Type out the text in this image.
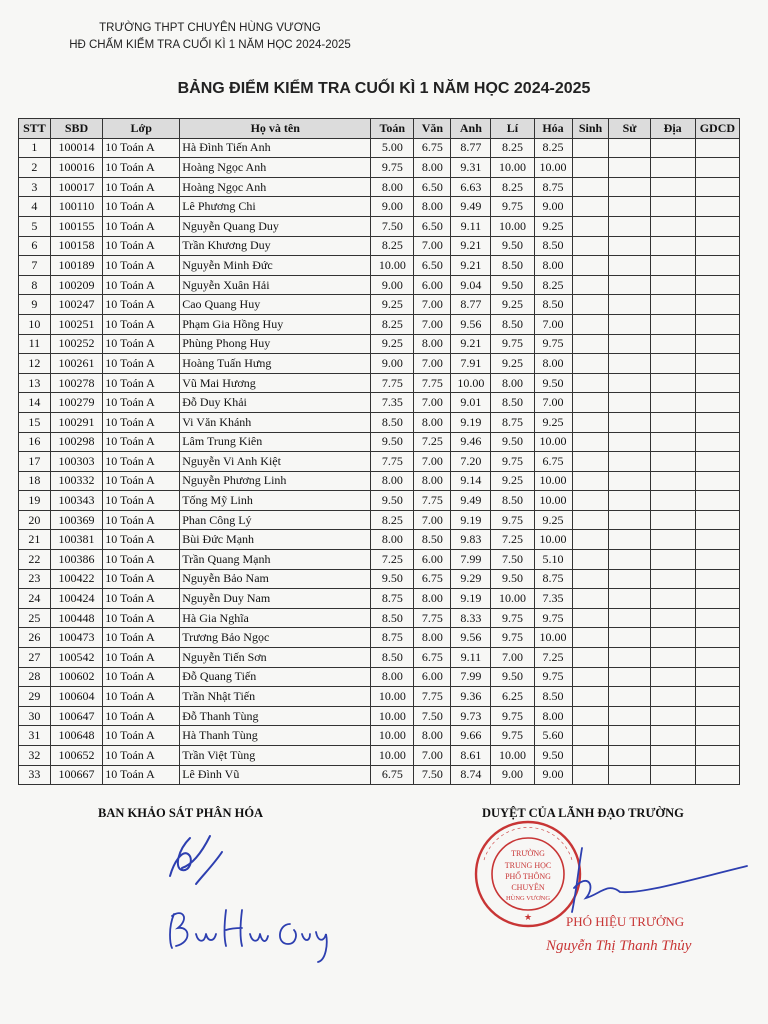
TRƯỜNG THPT CHUYÊN HÙNG VƯƠNG
HĐ CHẤM KIỂM TRA CUỐI KÌ 1 NĂM HỌC 2024-2025
BẢNG ĐIỂM KIỂM TRA CUỐI KÌ 1 NĂM HỌC 2024-2025
STT	SBD	Lớp	Họ và tên	Toán	Văn	Anh	Lí	Hóa	Sinh	Sử	Địa	GDCD
1	100014	10 Toán A	Hà Đình Tiến Anh	5.00	6.75	8.77	8.25	8.25				
2	100016	10 Toán A	Hoàng Ngọc Anh	9.75	8.00	9.31	10.00	10.00				
3	100017	10 Toán A	Hoàng Ngọc Anh	8.00	6.50	6.63	8.25	8.75				
4	100110	10 Toán A	Lê Phương Chi	9.00	8.00	9.49	9.75	9.00				
5	100155	10 Toán A	Nguyễn Quang Duy	7.50	6.50	9.11	10.00	9.25				
6	100158	10 Toán A	Trần Khương Duy	8.25	7.00	9.21	9.50	8.50				
7	100189	10 Toán A	Nguyễn Minh Đức	10.00	6.50	9.21	8.50	8.00				
8	100209	10 Toán A	Nguyễn Xuân Hải	9.00	6.00	9.04	9.50	8.25				
9	100247	10 Toán A	Cao Quang Huy	9.25	7.00	8.77	9.25	8.50				
10	100251	10 Toán A	Phạm Gia Hồng Huy	8.25	7.00	9.56	8.50	7.00				
11	100252	10 Toán A	Phùng Phong Huy	9.25	8.00	9.21	9.75	9.75				
12	100261	10 Toán A	Hoàng Tuấn Hưng	9.00	7.00	7.91	9.25	8.00				
13	100278	10 Toán A	Vũ Mai Hương	7.75	7.75	10.00	8.00	9.50				
14	100279	10 Toán A	Đỗ Duy Khải	7.35	7.00	9.01	8.50	7.00				
15	100291	10 Toán A	Vi Văn Khánh	8.50	8.00	9.19	8.75	9.25				
16	100298	10 Toán A	Lâm Trung Kiên	9.50	7.25	9.46	9.50	10.00				
17	100303	10 Toán A	Nguyễn Vi Anh Kiệt	7.75	7.00	7.20	9.75	6.75				
18	100332	10 Toán A	Nguyễn Phương Linh	8.00	8.00	9.14	9.25	10.00				
19	100343	10 Toán A	Tống Mỹ Linh	9.50	7.75	9.49	8.50	10.00				
20	100369	10 Toán A	Phan Công Lý	8.25	7.00	9.19	9.75	9.25				
21	100381	10 Toán A	Bùi Đức Mạnh	8.00	8.50	9.83	7.25	10.00				
22	100386	10 Toán A	Trần Quang Mạnh	7.25	6.00	7.99	7.50	5.10				
23	100422	10 Toán A	Nguyễn Bảo Nam	9.50	6.75	9.29	9.50	8.75				
24	100424	10 Toán A	Nguyễn Duy Nam	8.75	8.00	9.19	10.00	7.35				
25	100448	10 Toán A	Hà Gia Nghĩa	8.50	7.75	8.33	9.75	9.75				
26	100473	10 Toán A	Trương Bảo Ngọc	8.75	8.00	9.56	9.75	10.00				
27	100542	10 Toán A	Nguyễn Tiến Sơn	8.50	6.75	9.11	7.00	7.25				
28	100602	10 Toán A	Đỗ Quang Tiến	8.00	6.00	7.99	9.50	9.75				
29	100604	10 Toán A	Trần Nhật Tiến	10.00	7.75	9.36	6.25	8.50				
30	100647	10 Toán A	Đỗ Thanh Tùng	10.00	7.50	9.73	9.75	8.00				
31	100648	10 Toán A	Hà Thanh Tùng	10.00	8.00	9.66	9.75	5.60				
32	100652	10 Toán A	Trần Việt Tùng	10.00	7.00	8.61	10.00	9.50				
33	100667	10 Toán A	Lê Đình Vũ	6.75	7.50	8.74	9.00	9.00				
BAN KHẢO SÁT PHÂN HÓA	DUYỆT CỦA LÃNH ĐẠO TRƯỜNG
TRƯỜNG
TRUNG HỌC
PHỔ THÔNG
CHUYÊN
HÙNG VƯƠNG
★	PHÓ HIỆU TRƯỞNG
Nguyễn Thị Thanh Thủy
